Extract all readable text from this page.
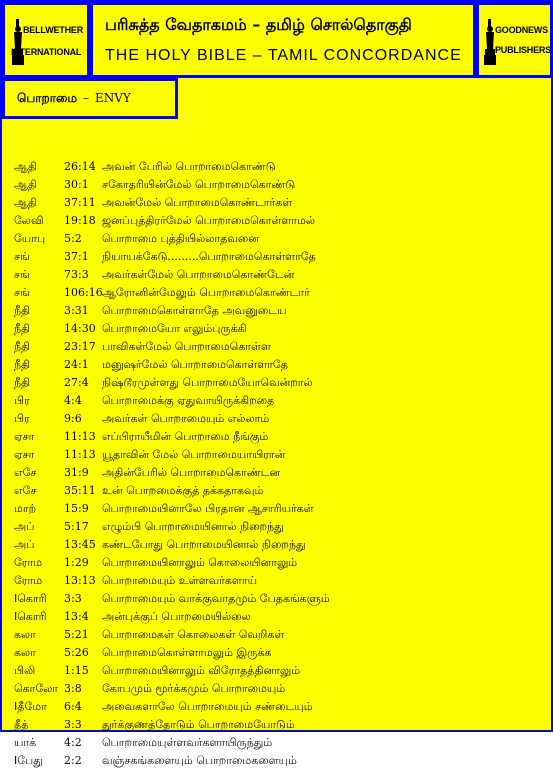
BELLWETHER
INTERNATIONAL
பரிசுத்த வேதாகமம் – தமிழ் சொல்தொகுதி
THE HOLY BIBLE – TAMIL CONCORDANCE
GOODNEWS
PUBLISHERS
பொறாமை – ENVY
ஆதி 26:14 அவன் பேரில் பொறாமைகொண்டு
ஆதி 30:1 சகோதரியின்மேல் பொறாமைகொண்டு
ஆதி 37:11 அவன்மேல் பொறாமைகொண்டார்கள்
லேவி 19:18 ஜனப்புத்திரர்மேல் பொறாமைகொள்ளாமல்
யோபு 5:2 பொறாமை புத்தியில்லாதவனை
சங்	37:1 நியாயக்கேடு.........பொறாமைகொள்ளாதே
சங்	73:3 அவர்கள்மேல் பொறாமைகொண்டேன்
சங்	106:16 ஆரோனின்மேலும் பொறாமைகொண்டார்
நீதி	3:31 பொறாமைகொள்ளாதே அவனுடைய
நீதி	14:30 பொறாமையோ எலும்புருக்கி
நீதி	23:17 பாவிகள்மேல் பொறாமைகொள்ள
நீதி	24:1 மனுஷர்மேல் பொறாமைகொள்ளாதே
நீதி	27:4 நிஷ்டூரமுள்ளது பொறாமையோவென்றால்
பிர	4:4 பொறாமைக்கு ஏதுவாயிருக்கிறதை
பிர	9:6 அவர்கள் பொறாமையும் எல்லாம்
ஏசா	11:13 எப்பிராயீமின் பொறாமை நீங்கும்
ஏசா	11:13 யூதாவின் மேல் பொறாமையாயிரான்
எசே	31:9 அதின்பேரில் பொறாமைகொண்டன
எசே	35:11 உன் பொறமைக்குத் தக்கதாகவும்
மாற்	15:9 பொறாமையினாலே பிரதான ஆசாரியர்கள்
அப்	5:17 எழும்பி பொறாமையினால் நிறைந்து
அப்	13:45 கண்டபோது பொறாமையினால் நிறைந்து
ரோம 1:29 பொறாமையினாலும் கொலையினாலும்
ரோம 13:13 பொறாமையும் உள்ளவர்களாய்
Iகொரி 3:3 பொறாமையும் வாக்குவாதமும் பேதகங்களும்
Iகொரி 13:4 அன்புக்குப் பொறமையில்லை
கலா	5:21 பொறாமைகள் கொலைகள் வெறிகள்
கலா	5:26 பொறாமைகொள்ளாமலும் இருக்க
பிலி	1:15 பொறாமையினாலும் விரோதத்தினாலும்
கொலோ 3:8 கோபமும் மூர்க்கமும் பொறாமையும்
Iதீமோ 6:4 அவைகளாலே பொறாமையும் சண்டையும்
தீத்	3:3 துர்க்குணத்தோடும் பொறாமையோடும்
யாக்	4:2 பொறாமையுள்ளவர்களாயிருந்தும்
Iபேது 2:2 வஞ்சகங்களையும் பொறாமைகளையும்
